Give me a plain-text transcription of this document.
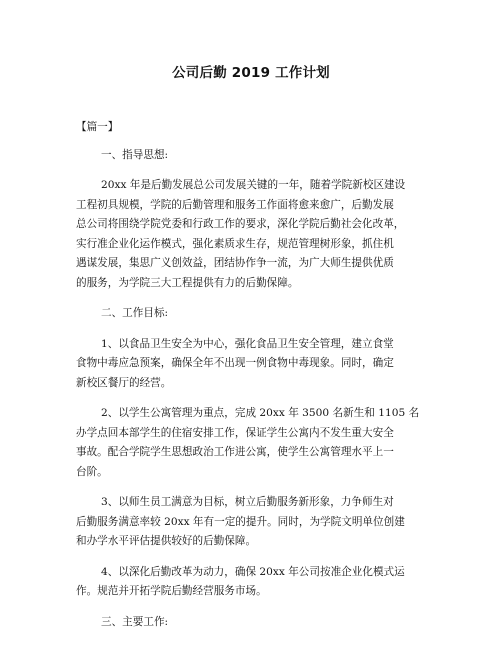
公司后勤 2019 工作计划
【篇一】
一、指导思想:
20xx 年是后勤发展总公司发展关键的一年，随着学院新校区建设
工程初具规模，学院的后勤管理和服务工作面将愈来愈广，后勤发展
总公司将围绕学院党委和行政工作的要求，深化学院后勤社会化改革，
实行准企业化运作模式，强化素质求生存，规范管理树形象，抓住机
遇谋发展，集思广义创效益，团结协作争一流，为广大师生提供优质
的服务，为学院三大工程提供有力的后勤保障。
二、工作目标:
1、以食品卫生安全为中心，强化食品卫生安全管理，建立食堂
食物中毒应急预案，确保全年不出现一例食物中毒现象。同时，确定
新校区餐厅的经营。
2、以学生公寓管理为重点，完成 20xx 年 3500 名新生和 1105 名
办学点回本部学生的住宿安排工作，保证学生公寓内不发生重大安全
事故。配合学院学生思想政治工作进公寓，使学生公寓管理水平上一
台阶。
3、以师生员工满意为目标，树立后勤服务新形象，力争师生对
后勤服务满意率较 20xx 年有一定的提升。同时，为学院文明单位创建
和办学水平评估提供较好的后勤保障。
4、以深化后勤改革为动力，确保 20xx 年公司按准企业化模式运
作。规范并开拓学院后勤经营服务市场。
三、主要工作:
